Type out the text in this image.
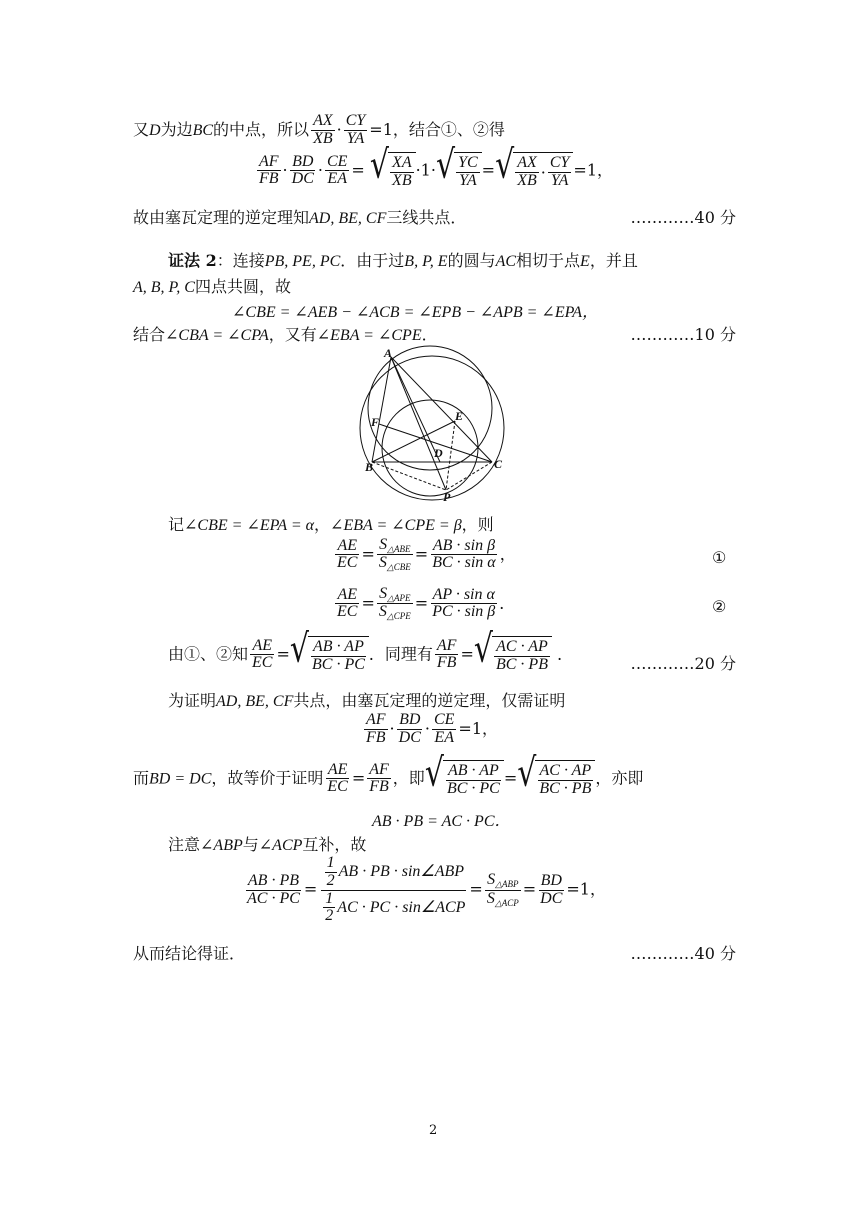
又D为边BC的中点，所以 $\frac{AX}{XB} \cdot \frac{CY}{YA} =1$，结合①、②得
$\frac{AF}{FB} \cdot \frac{BD}{DC} \cdot \frac{CE}{EA}$ = √ $\frac{XA}{XB} \cdot 1\cdot$ √ $\frac{YC}{YA}$ = √ $\frac{AX}{XB} \cdot \frac{CY}{YA} =1$，
故由塞瓦定理的逆定理知AD, BE, CF三线共点．	…………40 分
证法 2：连接PB, PE, PC．由于过B, P, E的圆与AC相切于点E，并且
A, B, P, C四点共圆，故
∠CBE = ∠AEB − ∠ACB = ∠EPB − ∠APB = ∠EPA，
结合∠CBA = ∠CPA，又有∠EBA = ∠CPE．	…………10 分
A
F	E
D
B	C
P
记∠CBE = ∠EPA = α，∠EBA = ∠CPE = β，则
$\frac{AE}{EC} = \frac{S_{\triangle ABE}}{S_{\triangle CBE}} = \frac{\text{AB · sin β}}{\text{BC · sin α}}$ ，	①
$\frac{AE}{EC} = \frac{S_{\triangle APE}}{S_{\triangle CPE}} = \frac{\text{AP · sin α}}{\text{PC · sin β}}$ ．	②
由①、②知 $\frac{AE}{EC}$ = √ $\frac{AB \cdot AP}{BC \cdot PC}$ ．同理有 $\frac{AF}{FB}$ = √ $\frac{AC \cdot AP}{BC \cdot PB}$ ．
…………20 分
为证明AD, BE, CF共点，由塞瓦定理的逆定理，仅需证明
$\frac{AF}{FB} \cdot \frac{BD}{DC} \cdot \frac{CE}{EA} =1$，
而BD = DC，故等价于证明 $\frac{AE}{EC} = \frac{AF}{FB}$ ，即 √ $\frac{AB \cdot AP}{BC \cdot PC}$ = √ $\frac{AC \cdot AP}{BC \cdot PB}$ ，亦即
AB · PB = AC · PC．
注意∠ABP与∠ACP互补，故
$\frac{AB \cdot PB}{AC \cdot PC} = \frac{\frac{1}{2} AB \cdot PB \cdot \sin\angle ABP}{\frac{1}{2} AC \cdot PC \cdot \sin\angle ACP} = \frac{S_{\triangle ABP}}{S_{\triangle ACP}} = \frac{BD}{DC} =1$，
从而结论得证．	…………40 分
2
